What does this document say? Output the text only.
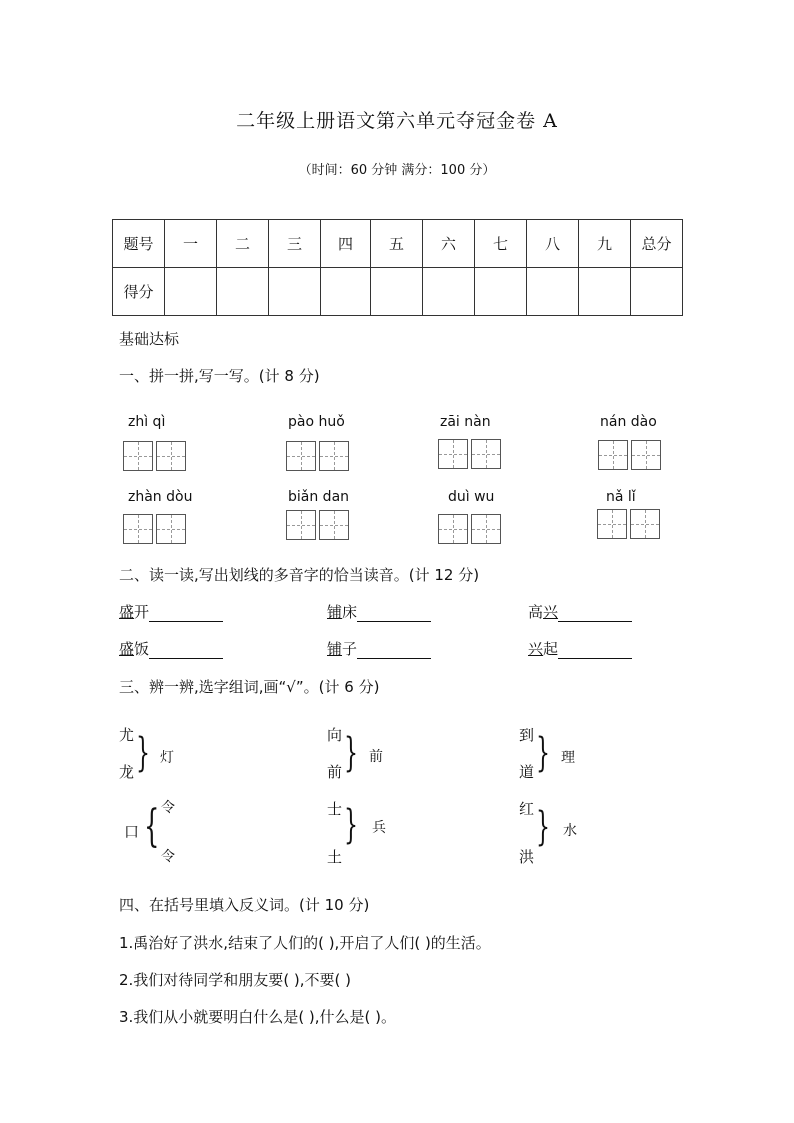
二年级上册语文第六单元夺冠金卷 A
（时间：60 分钟 满分：100 分）
题号	一	二	三	四	五	六	七	八	九	总分
得分										
基础达标
一、拼一拼,写一写。(计 8 分)
zhì qì	pào huǒ	zāi nàn	nán dào
zhàn dòu	biǎn dan	duì wu	nǎ lǐ
二、读一读,写出划线的多音字的恰当读音。(计 12 分)
盛开	铺床	高兴
盛饭	铺子	兴起
三、辨一辨,选字组词,画“√”。(计 6 分)
尤
龙 } 灯
向
前 } 前
到
道 } 理
口 { 令
令
士
土
} 兵
红
洪
} 水
四、在括号里填入反义词。(计 10 分)
1.禹治好了洪水,结束了人们的( ),开启了人们( )的生活。
2.我们对待同学和朋友要( ),不要( )
3.我们从小就要明白什么是( ),什么是( )。
